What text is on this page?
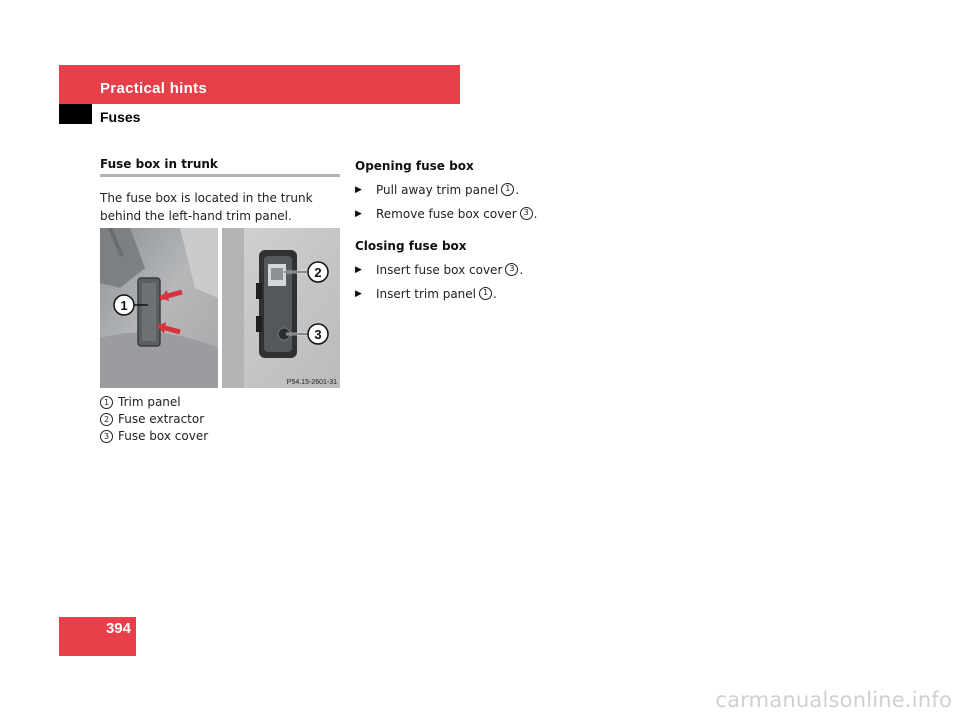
Practical hints
Fuses
Fuse box in trunk
The fuse box is located in the trunk behind the left-hand trim panel.
1
2
3
P54.15-2601-31
1 Trim panel
2 Fuse extractor
3 Fuse box cover
Opening fuse box
▶	Pull away trim panel 1 .
▶	Remove fuse box cover 3 .
Closing fuse box
▶	Insert fuse box cover 3 .
▶	Insert trim panel 1 .
394
carmanualsonline.info
